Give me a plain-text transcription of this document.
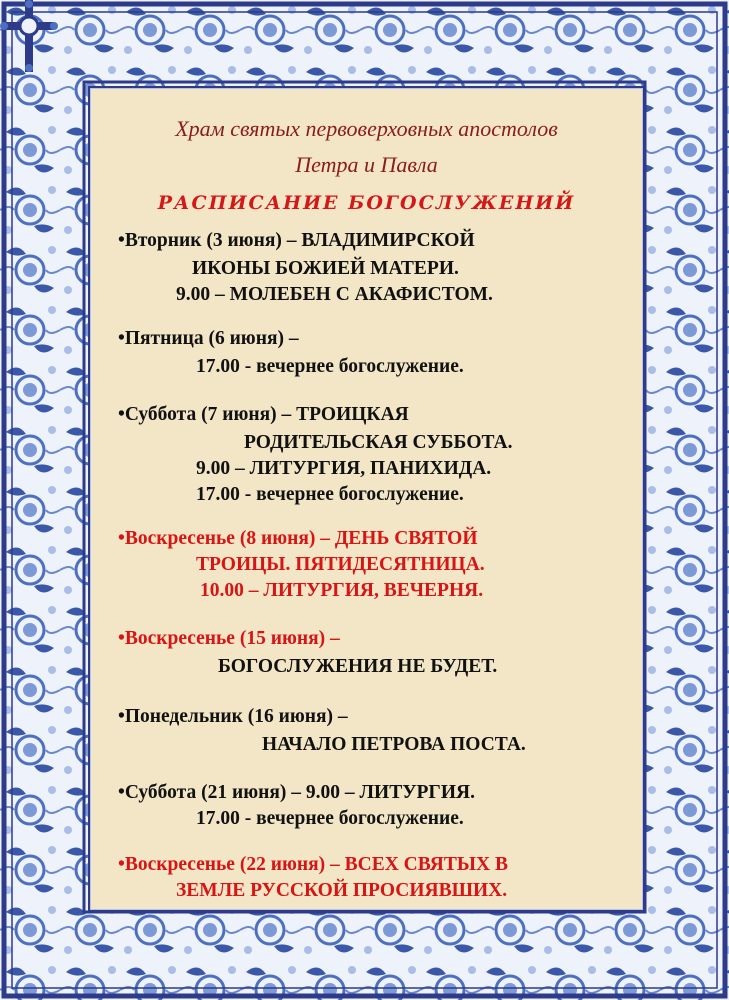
Храм святых первоверховных апостолов
Петра и Павла
РАСПИСАНИЕ БОГОСЛУЖЕНИЙ
•Вторник (3 июня) – ВЛАДИМИРСКОЙ
ИКОНЫ БОЖИЕЙ МАТЕРИ.
9.00 – МОЛЕБЕН С АКАФИСТОМ.
•Пятница (6 июня) –
17.00 - вечернее богослужение.
•Суббота (7 июня) – ТРОИЦКАЯ
РОДИТЕЛЬСКАЯ СУББОТА.
9.00 – ЛИТУРГИЯ, ПАНИХИДА.
17.00 - вечернее богослужение.
•Воскресенье (8 июня) – ДЕНЬ СВЯТОЙ
ТРОИЦЫ. ПЯТИДЕСЯТНИЦА.
10.00 – ЛИТУРГИЯ, ВЕЧЕРНЯ.
•Воскресенье (15 июня) –
БОГОСЛУЖЕНИЯ НЕ БУДЕТ.
•Понедельник (16 июня) –
НАЧАЛО ПЕТРОВА ПОСТА.
•Суббота (21 июня) – 9.00 – ЛИТУРГИЯ.
17.00 - вечернее богослужение.
•Воскресенье (22 июня) – ВСЕХ СВЯТЫХ В
ЗЕМЛЕ РУССКОЙ ПРОСИЯВШИХ.
